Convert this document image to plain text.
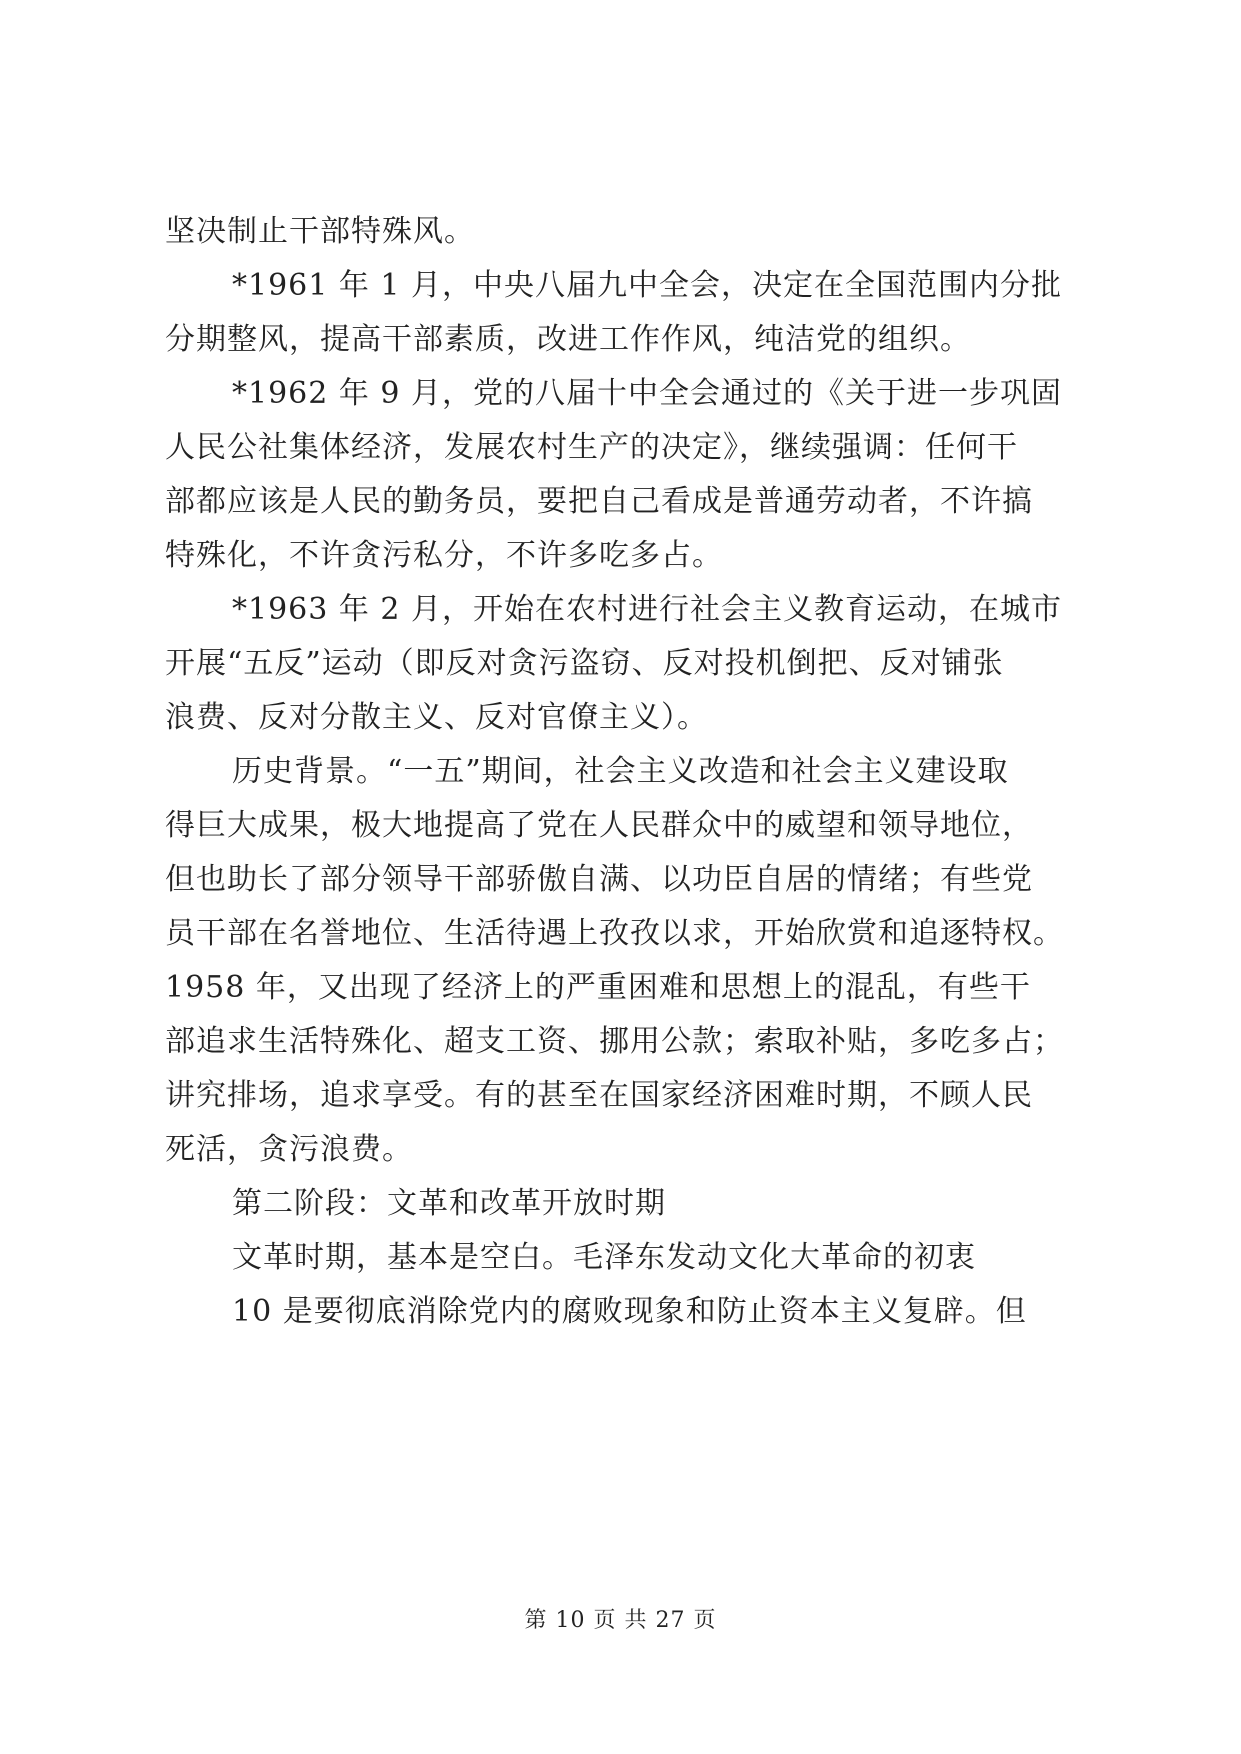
坚决制止干部特殊风。
*1961 年 1 月，中央八届九中全会，决定在全国范围内分批
分期整风，提高干部素质，改进工作作风，纯洁党的组织。
*1962 年 9 月，党的八届十中全会通过的《关于进一步巩固
人民公社集体经济，发展农村生产的决定》，继续强调：任何干
部都应该是人民的勤务员，要把自己看成是普通劳动者，不许搞
特殊化，不许贪污私分，不许多吃多占。
*1963 年 2 月，开始在农村进行社会主义教育运动，在城市
开展“五反”运动（即反对贪污盗窃、反对投机倒把、反对铺张
浪费、反对分散主义、反对官僚主义）。
历史背景。“一五”期间，社会主义改造和社会主义建设取
得巨大成果，极大地提高了党在人民群众中的威望和领导地位，
但也助长了部分领导干部骄傲自满、以功臣自居的情绪；有些党
员干部在名誉地位、生活待遇上孜孜以求，开始欣赏和追逐特权。
1958 年，又出现了经济上的严重困难和思想上的混乱，有些干
部追求生活特殊化、超支工资、挪用公款；索取补贴，多吃多占；
讲究排场，追求享受。有的甚至在国家经济困难时期，不顾人民
死活，贪污浪费。
第二阶段：文革和改革开放时期
文革时期，基本是空白。毛泽东发动文化大革命的初衷
10 是要彻底消除党内的腐败现象和防止资本主义复辟。但
第 10 页 共 27 页
